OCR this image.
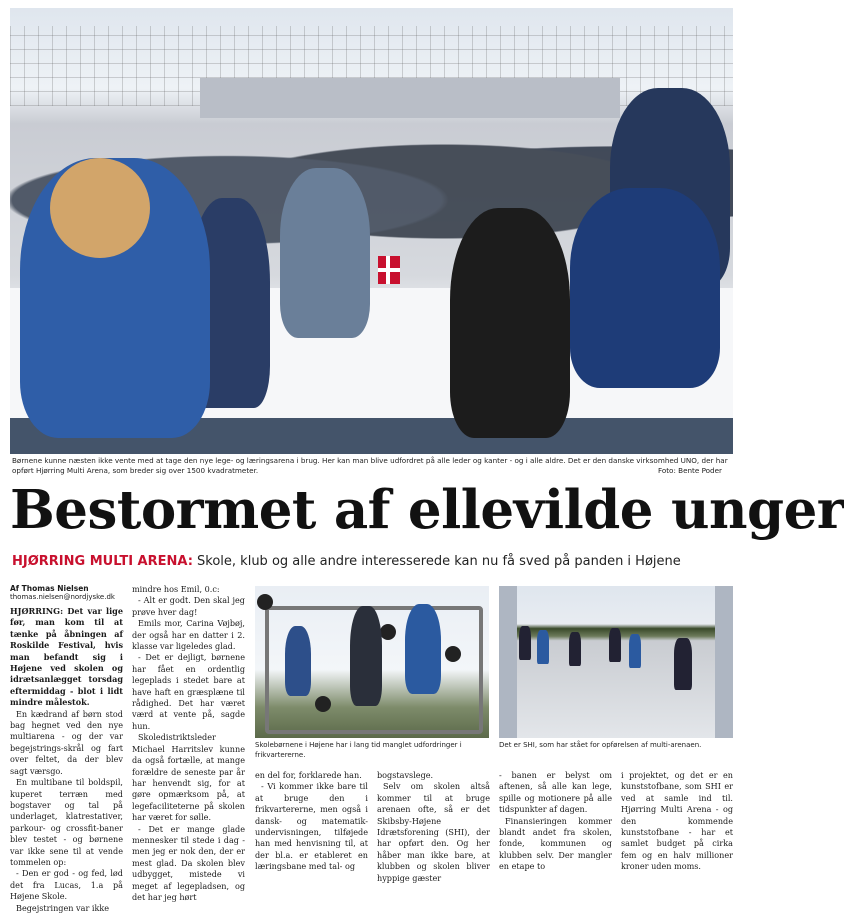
Børnene kunne næsten ikke vente med at tage den nye lege- og læringsarena i brug. Her kan man blive udfordret på alle leder og kanter - og i alle aldre. Det er den danske virksomhed UNO, der har opført Hjørring Multi Arena, som breder sig over 1500 kvadratmeter.	Foto: Bente Poder
Bestormet af ellevilde unger
HJØRRING MULTI ARENA: Skole, klub og alle andre interesserede kan nu få sved på panden i Højene
Af Thomas Nielsen
thomas.nielsen@nordjyske.dk

HJØRRING: Det var lige før, man kom til at tænke på åbningen af Roskilde Festival, hvis man befandt sig i Højene ved skolen og idrætsanlægget torsdag eftermiddag - blot i lidt mindre målestok.

En kædrand af børn stod bag hegnet ved den nye multiarena - og der var begejstrings-skrål og fart over feltet, da der blev sagt værsgo.

En multibane til boldspil, kuperet terræn med bogstaver og tal på underlaget, klatrestativer, parkour- og crossfit-baner blev testet - og børnene var ikke sene til at vende tommelen op:

- Den er god - og fed, lød det fra Lucas, 1.a på Højene Skole.

Begejstringen var ikke

mindre hos Emil, 0.c:

- Alt er godt. Den skal jeg prøve hver dag!

Emils mor, Carina Vøjbøj, der også har en datter i 2. klasse var ligeledes glad.

- Det er dejligt, børnene har fået en ordentlig legeplads i stedet bare at have haft en græsplæne til rådighed. Det har været værd at vente på, sagde hun.

Skoledistriktsleder Michael Harritslev kunne da også fortælle, at mange forældre de seneste par år har henvendt sig, for at gøre opmærksom på, at legefaciliteterne på skolen har været for sølle.

- Det er mange glade mennesker til stede i dag - men jeg er nok den, der er mest glad. Da skolen blev udbygget, mistede vi meget af legepladsen, og det har jeg hørt

Skolebørnene i Højene har i lang tid manglet udfordringer i frikvartererne.
Det er SHI, som har stået for opførelsen af multi-arenaen.

en del for, forklarede han.

- Vi kommer ikke bare til at bruge den i frikvartererne, men også i dansk- og matematik-undervisningen, tilføjede han med henvisning til, at der bl.a. er etableret en læringsbane med tal- og

bogstavslege.

Selv om skolen altså kommer til at bruge arenaen ofte, så er det Skibsby-Højene Idrætsforening (SHI), der har opført den. Og her håber man ikke bare, at klubben og skolen bliver hyppige gæster

- banen er belyst om aftenen, så alle kan lege, spille og motionere på alle tidspunkter af dagen.

Finansieringen kommer blandt andet fra skolen, fonde, kommunen og klubben selv. Der mangler en etape to

i projektet, og det er en kunststofbane, som SHI er ved at samle ind til. Hjørring Multi Arena - og den kommende kunststofbane - har et samlet budget på cirka fem og en halv millioner kroner uden moms.
